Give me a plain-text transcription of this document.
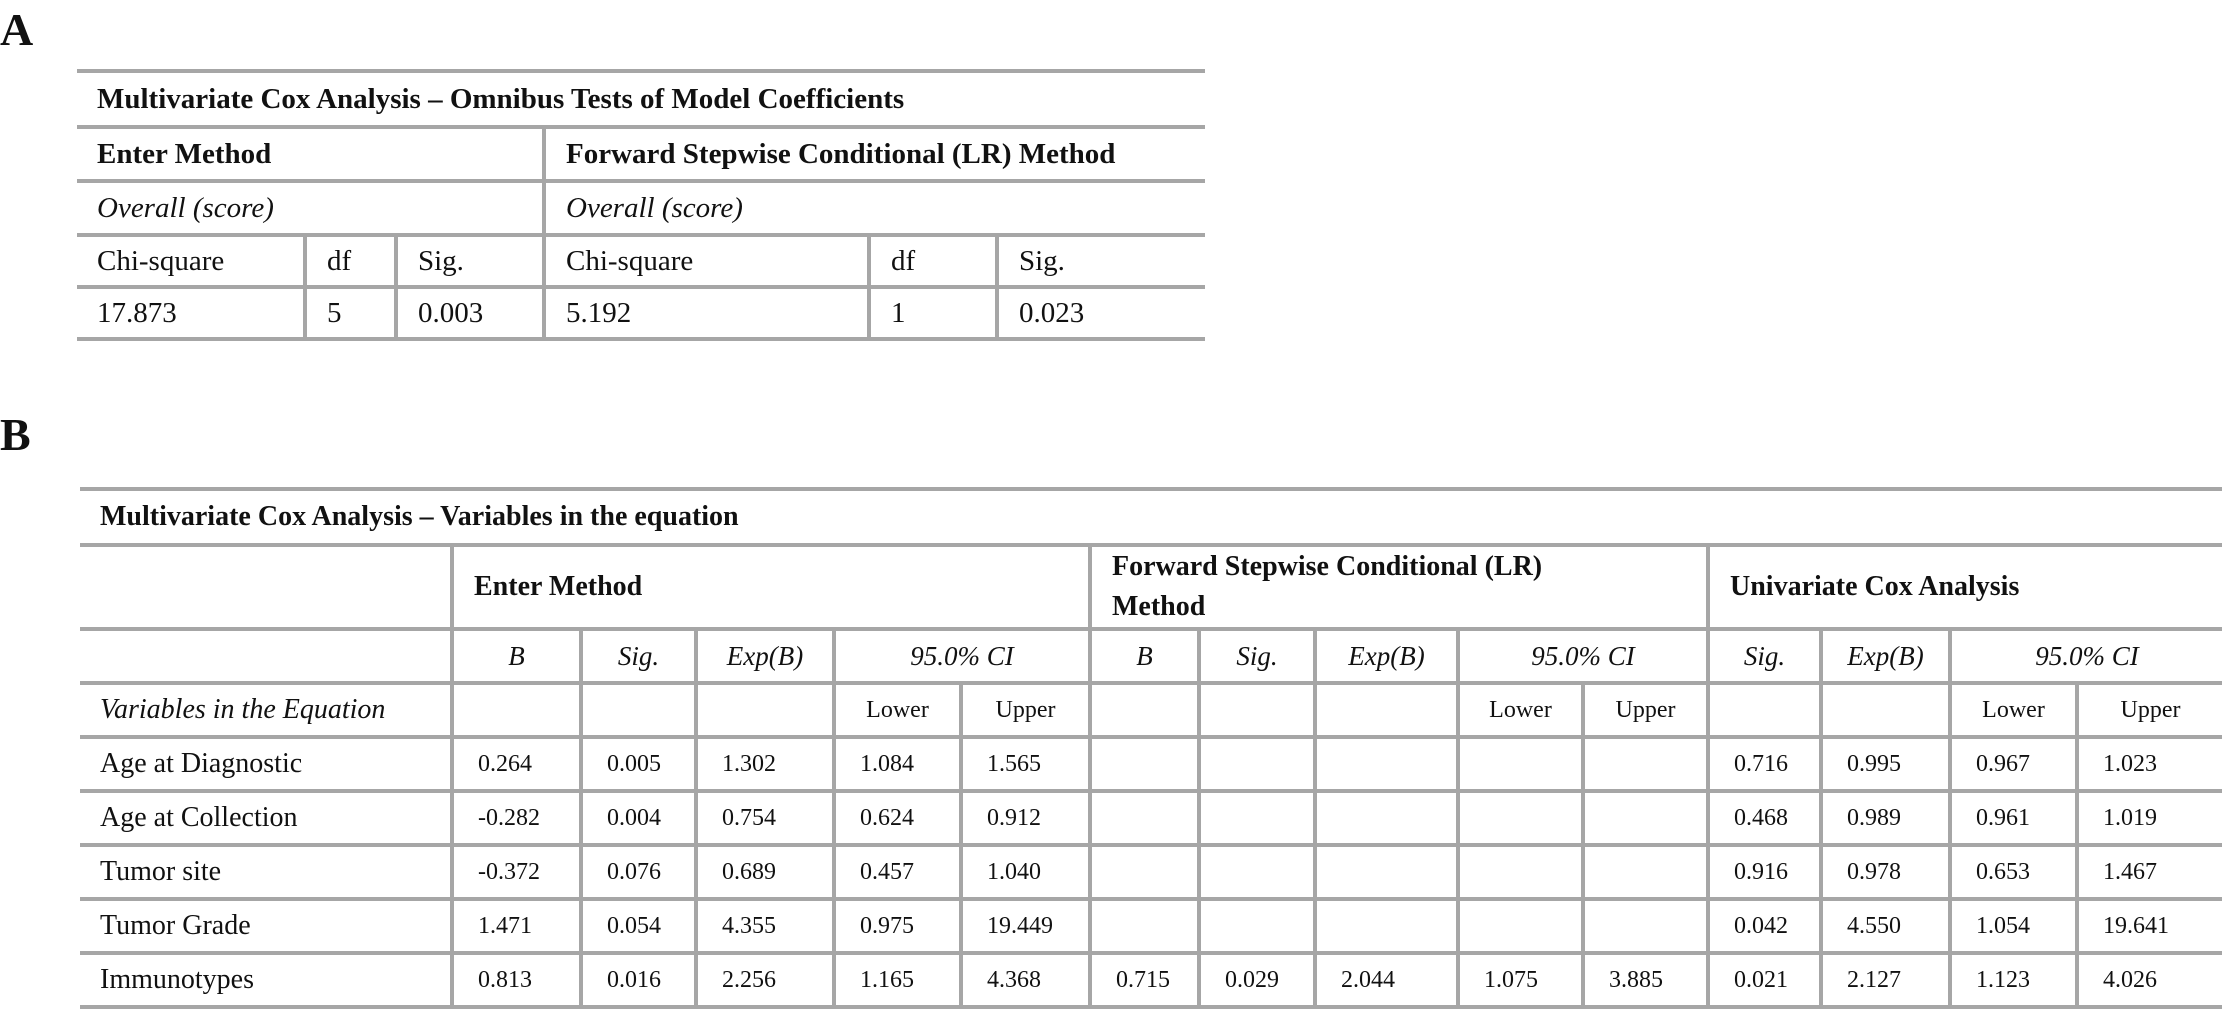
A
Multivariate Cox Analysis – Omnibus Tests of Model Coefficients					
Enter Method			Forward Stepwise Conditional (LR) Method		
Overall (score)			Overall (score)		
Chi-square	df	Sig.	Chi-square	df	Sig.
17.873	5	0.003	5.192	1	0.023
B
Multivariate Cox Analysis – Variables in the equation														
	Enter Method					Forward Stepwise Conditional (LR) Method					Univariate Cox Analysis			
	B	Sig.	Exp(B)	95.0% CI		B	Sig.	Exp(B)	95.0% CI		Sig.	Exp(B)	95.0% CI	
Variables in the Equation				Lower	Upper				Lower	Upper			Lower	Upper
Age at Diagnostic	0.264	0.005	1.302	1.084	1.565						0.716	0.995	0.967	1.023
Age at Collection	-0.282	0.004	0.754	0.624	0.912						0.468	0.989	0.961	1.019
Tumor site	-0.372	0.076	0.689	0.457	1.040						0.916	0.978	0.653	1.467
Tumor Grade	1.471	0.054	4.355	0.975	19.449						0.042	4.550	1.054	19.641
Immunotypes	0.813	0.016	2.256	1.165	4.368	0.715	0.029	2.044	1.075	3.885	0.021	2.127	1.123	4.026
